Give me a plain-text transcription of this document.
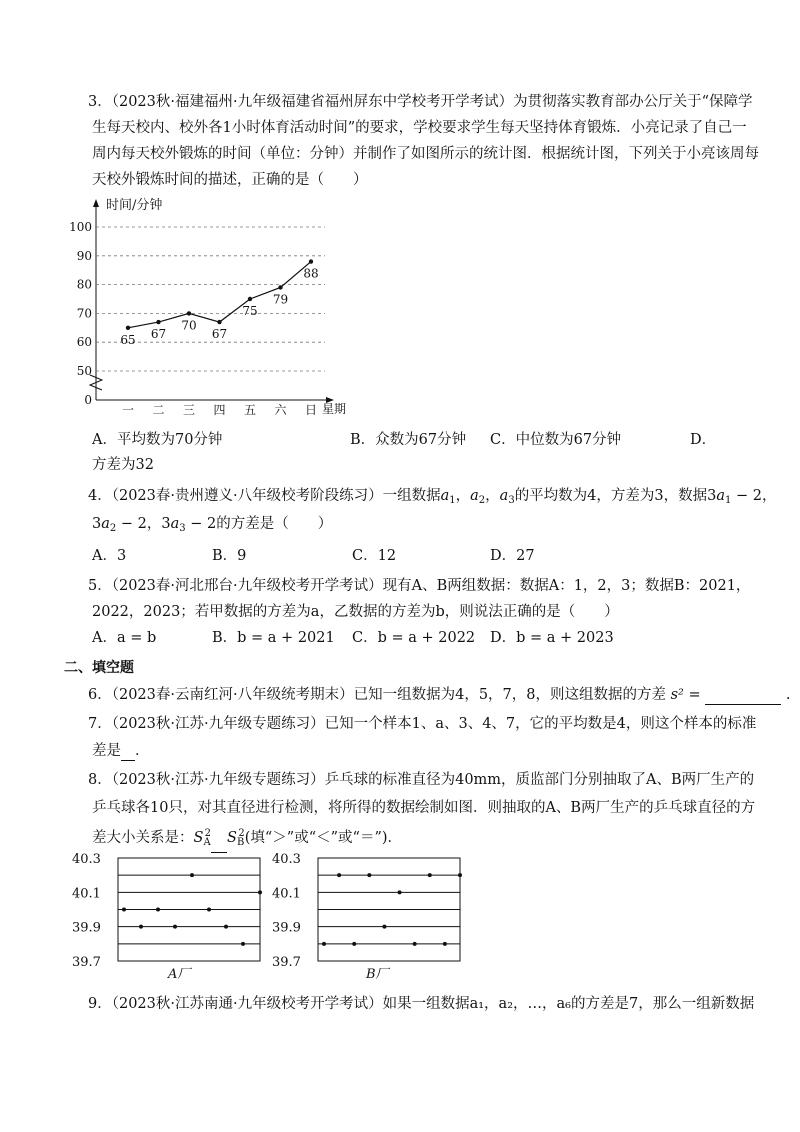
3．（2023秋·福建福州·九年级福建省福州屏东中学校考开学考试）为贯彻落实教育部办公厅关于“保障学
生每天校内、校外各1小时体育活动时间”的要求，学校要求学生每天坚持体育锻炼．小亮记录了自己一
周内每天校外锻炼的时间（单位：分钟）并制作了如图所示的统计图．根据统计图，下列关于小亮该周每
天校外锻炼时间的描述，正确的是（　　）
时间/分钟
星期
0
50
60
70
80
90
100
一 二 三 四 五 六 日
65 67
70
67
75
79
88
A．平均数为70分钟	B．众数为67分钟 C．中位数为67分钟	D．
方差为32
4．（2023春·贵州遵义·八年级校考阶段练习）一组数据$a_1$，$a_2$，$a_3$的平均数为4，方差为3，数据$3a_1 - 2$，
$3a_2 - 2$，$3a_3 - 2$的方差是（　　）
A．3	B．9	C．12	D．27
5．（2023春·河北邢台·九年级校考开学考试）现有A、B两组数据：数据A：1，2，3；数据B：2021，
2022，2023；若甲数据的方差为a，乙数据的方差为b，则说法正确的是（　　）
A．a = b	B．b = a + 2021 C．b = a + 2022 D．b = a + 2023
二、填空题
6．（2023春·云南红河·八年级统考期末）已知一组数据为4，5，7，8，则这组数据的方差 s² =	.
7．（2023秋·江苏·九年级专题练习）已知一个样本1、a、3、4、7，它的平均数是4，则这个样本的标准
差是 ．
8．（2023秋·江苏·九年级专题练习）乒乓球的标准直径为40mm，质监部门分别抽取了A、B两厂生产的
乒乓球各10只，对其直径进行检测，将所得的数据绘制如图．则抽取的A、B两厂生产的乒乓球直径的方
差大小关系是：$S_A^2$ $S_B^2$(填“＞”或“＜”或“＝”)．
40.3
40.1
39.9
39.7
A厂
40.3
40.1
39.9
39.7
B厂
9．（2023秋·江苏南通·九年级校考开学考试）如果一组数据a₁，a₂，…，a₆的方差是7，那么一组新数据
